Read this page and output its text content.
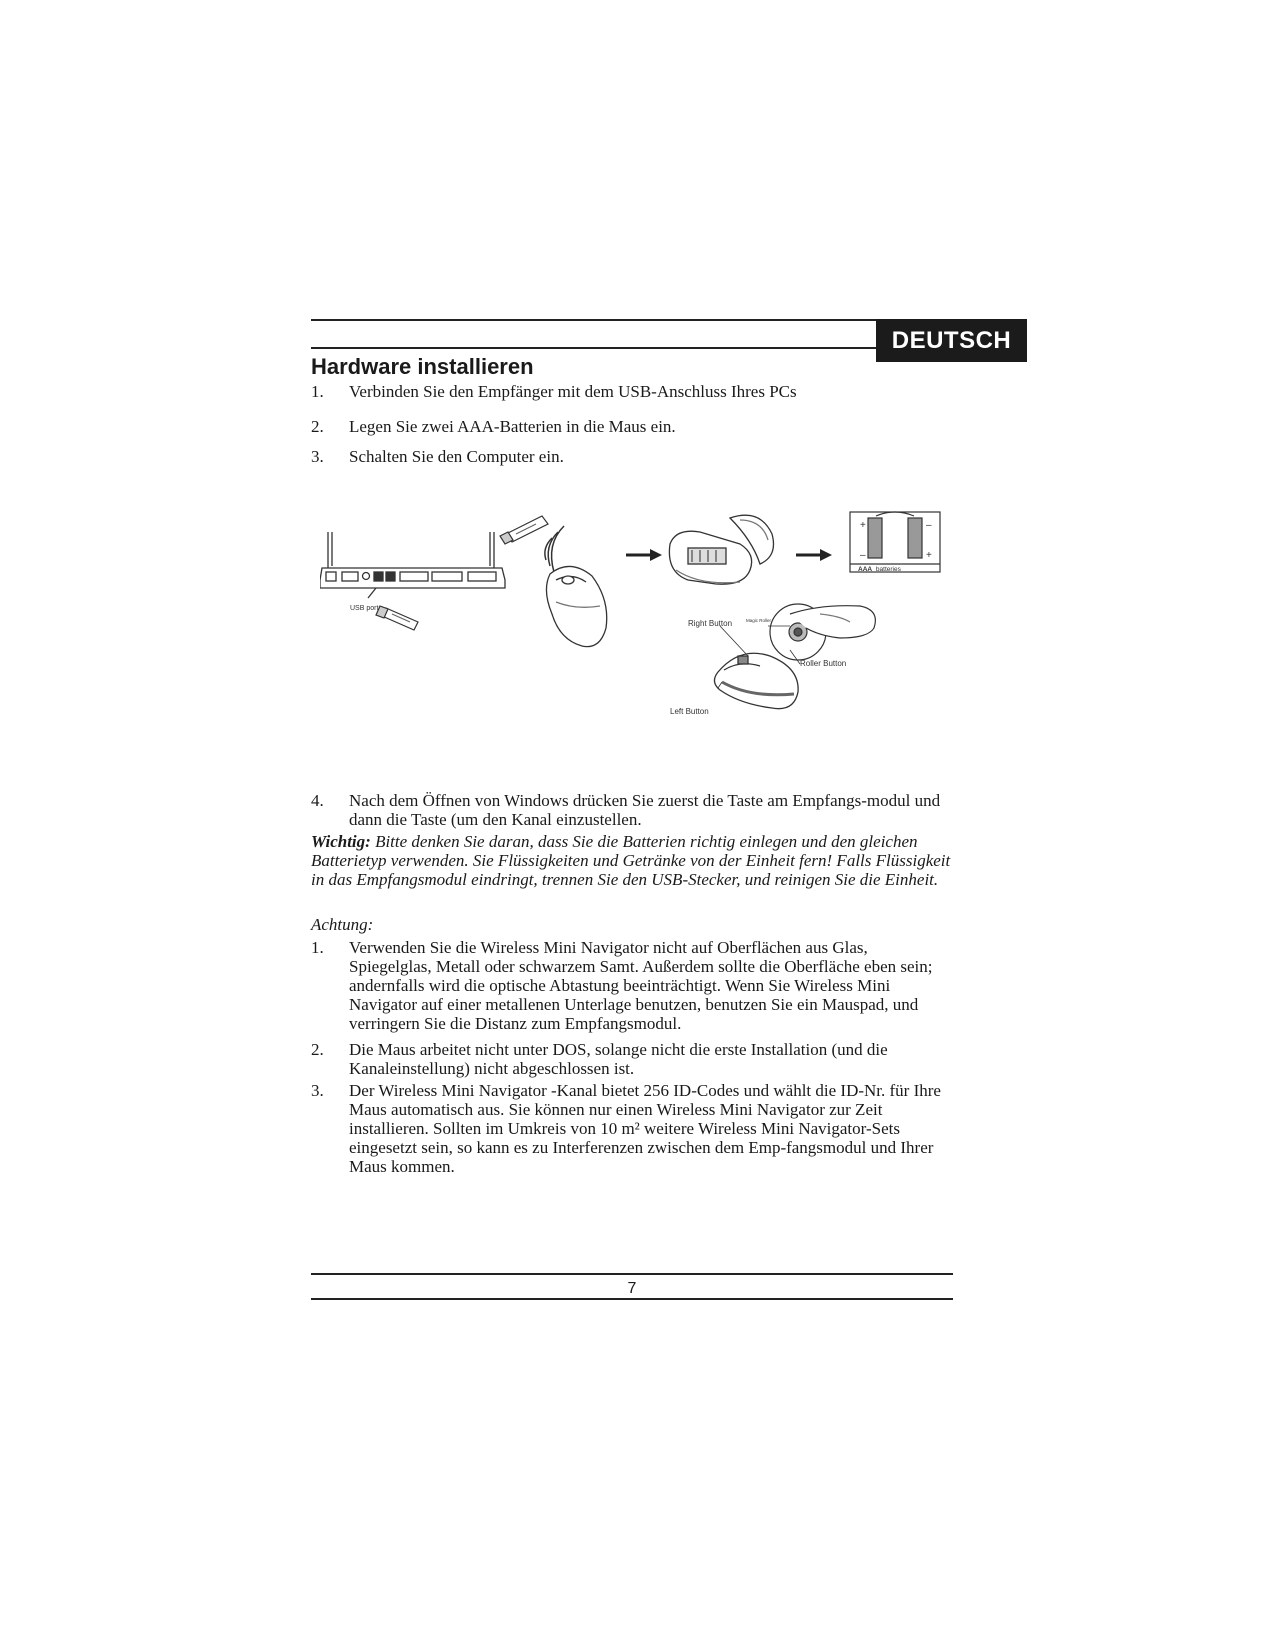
DEUTSCH
Hardware installieren
1. Verbinden Sie den Empfänger mit dem USB-Anschluss Ihres PCs
2. Legen Sie zwei AAA-Batterien in die Maus ein.
3. Schalten Sie den Computer ein.
USB port
+	–
–	+
AAA batteries
Right Button	Magic Roller
Roller Button
Left Button
4. Nach dem Öffnen von Windows drücken Sie zuerst die Taste am Empfangs-modul und dann die Taste (um den Kanal einzustellen.
Wichtig: Bitte denken Sie daran, dass Sie die Batterien richtig einlegen und den gleichen Batterietyp verwenden. Sie Flüssigkeiten und Getränke von der Einheit fern! Falls Flüssigkeit in das Empfangsmodul eindringt, trennen Sie den USB-Stecker, und reinigen Sie die Einheit.
Achtung:
1. Verwenden Sie die Wireless Mini Navigator nicht auf Oberflächen aus Glas, Spiegelglas, Metall oder schwarzem Samt. Außerdem sollte die Oberfläche eben sein; andernfalls wird die optische Abtastung beeinträchtigt. Wenn Sie Wireless Mini Navigator auf einer metallenen Unterlage benutzen, benutzen Sie ein Mauspad, und verringern Sie die Distanz zum Empfangsmodul.
2. Die Maus arbeitet nicht unter DOS, solange nicht die erste Installation (und die Kanaleinstellung) nicht abgeschlossen ist.
3. Der Wireless Mini Navigator -Kanal bietet 256 ID-Codes und wählt die ID-Nr. für Ihre Maus automatisch aus. Sie können nur einen Wireless Mini Navigator zur Zeit installieren. Sollten im Umkreis von 10 m² weitere Wireless Mini Navigator-Sets eingesetzt sein, so kann es zu Interferenzen zwischen dem Emp-fangsmodul und Ihrer Maus kommen.
7
